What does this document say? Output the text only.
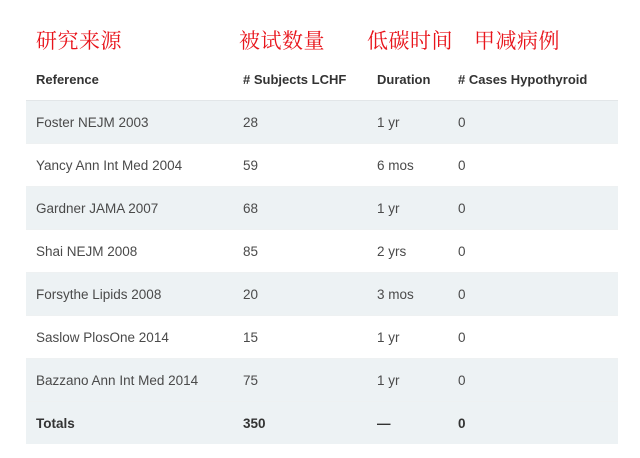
研究来源	被试数量 低碳时间 甲减病例
Reference	# Subjects LCHF	Duration	# Cases Hypothyroid
Foster NEJM 2003	28	1 yr	0
Yancy Ann Int Med 2004	59	6 mos	0
Gardner JAMA 2007	68	1 yr	0
Shai NEJM 2008	85	2 yrs	0
Forsythe Lipids 2008	20	3 mos	0
Saslow PlosOne 2014	15	1 yr	0
Bazzano Ann Int Med 2014	75	1 yr	0
Totals	350	—	0
